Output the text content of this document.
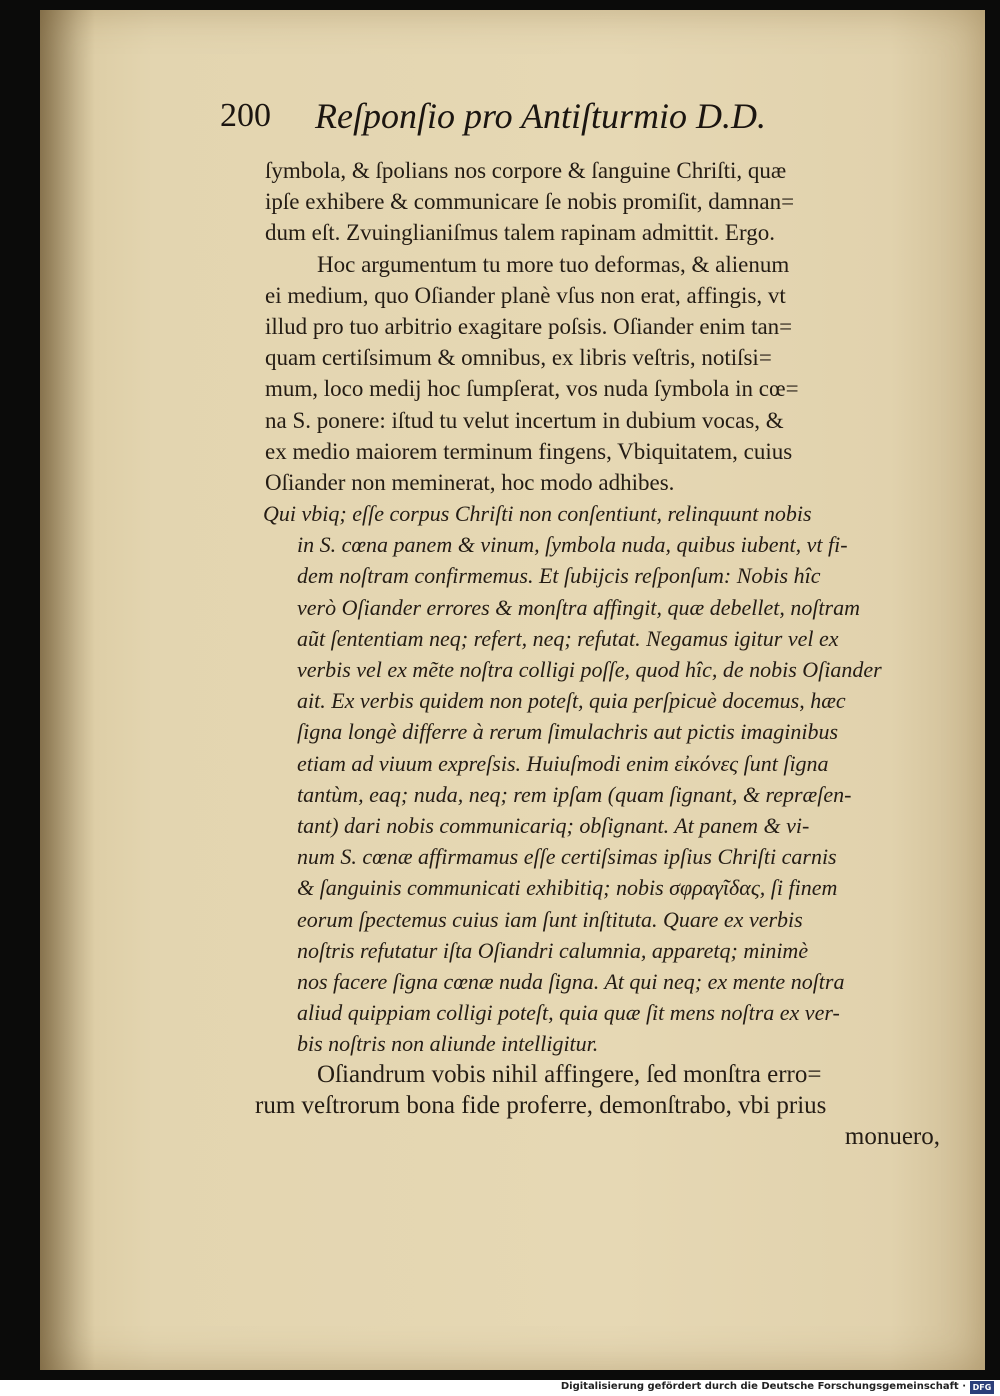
200 Reſponſio pro Antiſturmio D.D.
ſymbola, & ſpolians nos corpore & ſanguine Chriſti, quæ
ipſe exhibere & communicare ſe nobis promiſit, damnan=
dum eſt. Zvuinglianiſmus talem rapinam admittit. Ergo.
Hoc argumentum tu more tuo deformas, & alienum
ei medium, quo Oſiander planè vſus non erat, affingis, vt
illud pro tuo arbitrio exagitare poſsis. Oſiander enim tan=
quam certiſsimum & omnibus, ex libris veſtris, notiſsi=
mum, loco medij hoc ſumpſerat, vos nuda ſymbola in cœ=
na S. ponere: iſtud tu velut incertum in dubium vocas, &
ex medio maiorem terminum fingens, Vbiquitatem, cuius
Oſiander non meminerat, hoc modo adhibes.
Qui vbiq; eſſe corpus Chriſti non conſentiunt, relinquunt nobis
in S. cœna panem & vinum, ſymbola nuda, quibus iubent, vt fi-
dem noſtram confirmemus. Et ſubijcis reſponſum: Nobis hîc
verò Oſiander errores & monſtra affingit, quæ debellet, noſtram
aũt ſententiam neq; refert, neq; refutat. Negamus igitur vel ex
verbis vel ex mẽte noſtra colligi poſſe, quod hîc, de nobis Oſiander
ait. Ex verbis quidem non poteſt, quia perſpicuè docemus, hæc
ſigna longè differre à rerum ſimulachris aut pictis imaginibus
etiam ad viuum expreſsis. Huiuſmodi enim εἰκόνες ſunt ſigna
tantùm, eaq; nuda, neq; rem ipſam (quam ſignant, & repræſen-
tant) dari nobis communicariq; obſignant. At panem & vi-
num S. cœnæ affirmamus eſſe certiſsimas ipſius Chriſti carnis
& ſanguinis communicati exhibitiq; nobis σφραγῖδας, ſi finem
eorum ſpectemus cuius iam ſunt inſtituta. Quare ex verbis
noſtris refutatur iſta Oſiandri calumnia, apparetq; minimè
nos facere ſigna cœnæ nuda ſigna. At qui neq; ex mente noſtra
aliud quippiam colligi poteſt, quia quæ ſit mens noſtra ex ver-
bis noſtris non aliunde intelligitur.
Oſiandrum vobis nihil affingere, ſed monſtra erro=
rum veſtrorum bona fide proferre, demonſtrabo, vbi prius
monuero,
Digitalisierung gefördert durch die Deutsche Forschungsgemeinschaft · DFG
